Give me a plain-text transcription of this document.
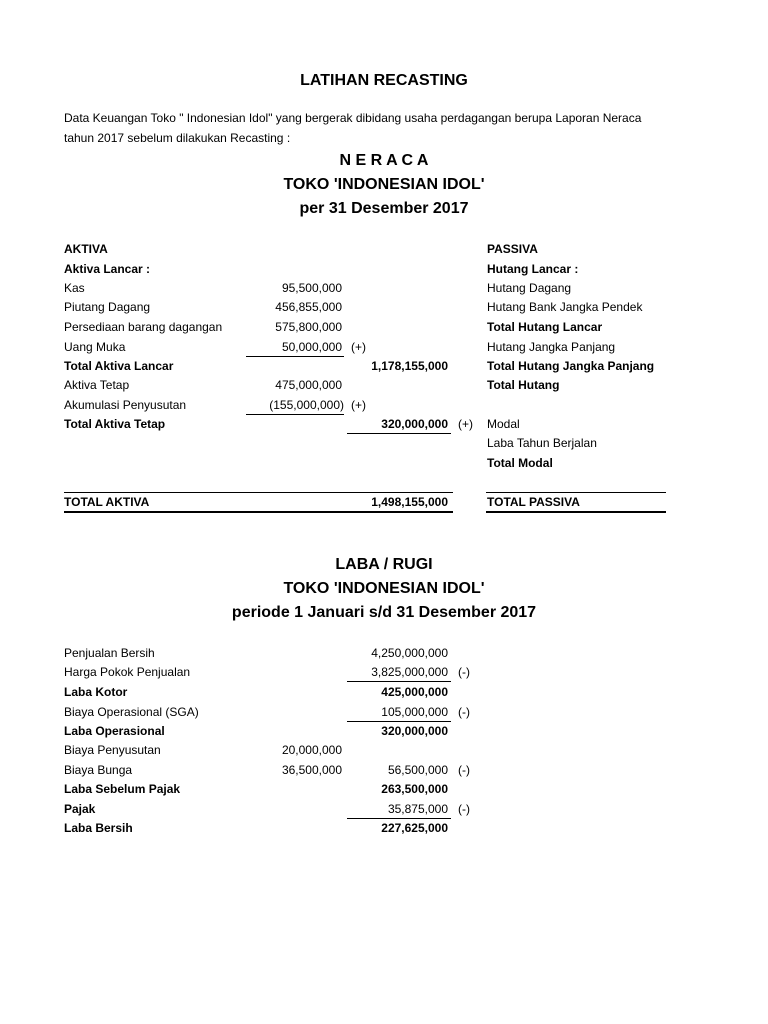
LATIHAN RECASTING
Data Keuangan Toko " Indonesian Idol" yang bergerak dibidang usaha perdagangan berupa Laporan Neraca
tahun 2017 sebelum dilakukan Recasting :
N E R A C A
TOKO 'INDONESIAN IDOL'
per 31 Desember 2017
AKTIVA
Aktiva Lancar :
Kas	95,500,000
Piutang Dagang	456,855,000
Persediaan barang dagangan	575,800,000
Uang Muka	50,000,000 (+)
Total Aktiva Lancar	1,178,155,000
Aktiva Tetap	475,000,000
Akumulasi Penyusutan	(155,000,000) (+)
Total Aktiva Tetap	320,000,000 (+)
TOTAL AKTIVA	1,498,155,000
PASSIVA
Hutang Lancar :
Hutang Dagang
Hutang Bank Jangka Pendek
Total Hutang Lancar
Hutang Jangka Panjang
Total Hutang Jangka Panjang
Total Hutang
Modal
Laba Tahun Berjalan
Total Modal
TOTAL PASSIVA
LABA / RUGI
TOKO 'INDONESIAN IDOL'
periode 1 Januari s/d 31 Desember 2017
Penjualan Bersih	4,250,000,000
Harga Pokok Penjualan	3,825,000,000 (-)
Laba Kotor	425,000,000
Biaya Operasional (SGA)	105,000,000 (-)
Laba Operasional	320,000,000
Biaya Penyusutan	20,000,000
Biaya Bunga	36,500,000	56,500,000 (-)
Laba Sebelum Pajak	263,500,000
Pajak	35,875,000 (-)
Laba Bersih	227,625,000
